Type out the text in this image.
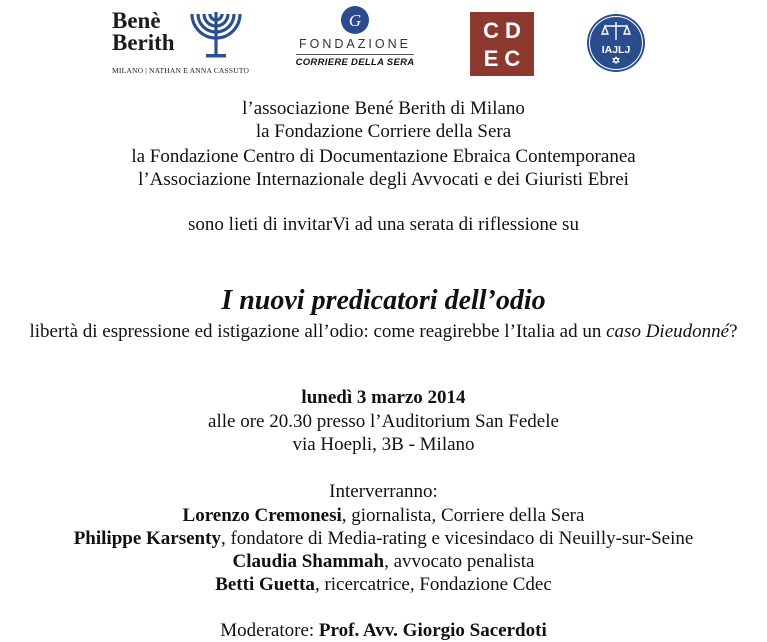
Benè
Berith
MILANO | NATHAN E ANNA CASSUTO
G
FONDAZIONE
CORRIERE DELLA SERA
CD
EC	IAJLJ
l’associazione Bené Berith di Milano
la Fondazione Corriere della Sera
la Fondazione Centro di Documentazione Ebraica Contemporanea
l’Associazione Internazionale degli Avvocati e dei Giuristi Ebrei
sono lieti di invitarVi ad una serata di riflessione su
I nuovi predicatori dell’odio
libertà di espressione ed istigazione all’odio: come reagirebbe l’Italia ad un caso Dieudonné?
lunedì 3 marzo 2014
alle ore 20.30 presso l’Auditorium San Fedele
via Hoepli, 3B - Milano
Interverranno:
Lorenzo Cremonesi, giornalista, Corriere della Sera
Philippe Karsenty, fondatore di Media-rating e vicesindaco di Neuilly-sur-Seine
Claudia Shammah, avvocato penalista
Betti Guetta, ricercatrice, Fondazione Cdec
Moderatore: Prof. Avv. Giorgio Sacerdoti
